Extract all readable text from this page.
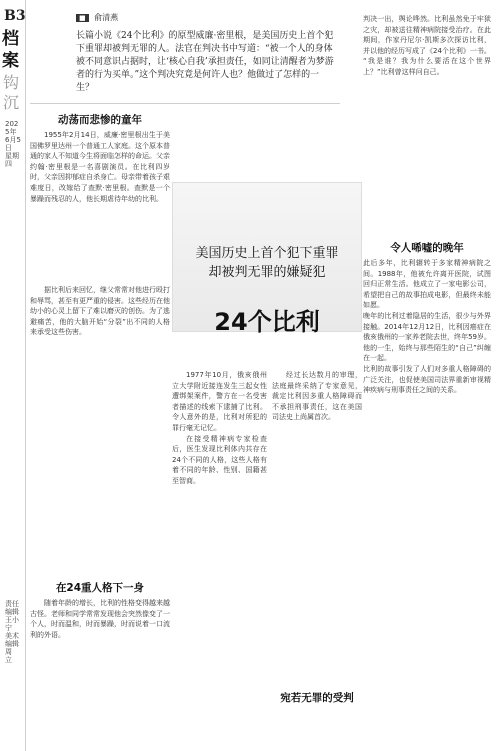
B3
档案
钩沉
2025年 6月5日 星期四
责任编辑 王小宁 美术编辑 周 立
■ 俞清燕
长篇小说《24个比利》的原型威廉·密里根，是美国历史上首个犯下重罪却被判无罪的人。法官在判决书中写道：“被一个人的身体被不同意识占据时，让‘核心自我’承担责任，如同让清醒者为梦游者的行为买单。”这个判决究竟是何许人也？他做过了怎样的一生？
动荡而悲惨的童年

1955年2月14日，威廉·密里根出生于美国佛罗里达州一个普通工人家庭。这个原本普通的家人不知道今生将面临怎样的命运。父亲约翰·密里根是一名喜剧演员。在比利四岁时，父亲因抑郁症自杀身亡。母亲带着孩子艰难度日，改嫁给了查默·密里根。查默是一个暴躁而残忍的人，他长期虐待年幼的比利。

据比利后来回忆，继父常常对他进行殴打和辱骂，甚至有更严重的侵害。这些经历在他幼小的心灵上留下了难以磨灭的创伤。为了逃避痛苦，他的大脑开始“分裂”出不同的人格来承受这些伤害。

在24重人格下一身

随着年龄的增长，比利的性格变得越来越古怪。老师和同学常常发现他会突然像变了一个人，时而温和，时而暴躁，时而说着一口流利的外语。

美国历史上首个犯下重罪
却被判无罪的嫌疑犯
24个比利

1977年10月，俄亥俄州立大学附近接连发生三起女性遭绑架案件，警方在一名受害者描述的线索下逮捕了比利。令人意外的是，比利对所犯的罪行毫无记忆。

在接受精神病专家检查后，医生发现比利体内共存在24个不同的人格，这些人格有着不同的年龄、性别、国籍甚至智商。

经过长达数月的审理，法庭最终采纳了专家意见，裁定比利因多重人格障碍而不承担刑事责任，这在美国司法史上尚属首次。

宛若无罪的受判

判决一出，舆论哗然。比利虽然免于牢狱之灾，却被送往精神病院接受治疗。在此期间，作家丹尼尔·凯斯多次探访比利，并以他的经历写成了《24个比利》一书。

“我是谁？我为什么要活在这个世界上？”比利曾这样问自己。

令人唏嘘的晚年

此后多年，比利辗转于多家精神病院之间。1988年，他被允许离开医院，试图回归正常生活。他成立了一家电影公司，希望把自己的故事拍成电影，但最终未能如愿。

晚年的比利过着隐居的生活，很少与外界接触。2014年12月12日，比利因癌症在俄亥俄州的一家养老院去世，终年59岁。他的一生，始终与那些陌生的“自己”纠缠在一起。

比利的故事引发了人们对多重人格障碍的广泛关注，也促使美国司法界重新审视精神疾病与刑事责任之间的关系。
